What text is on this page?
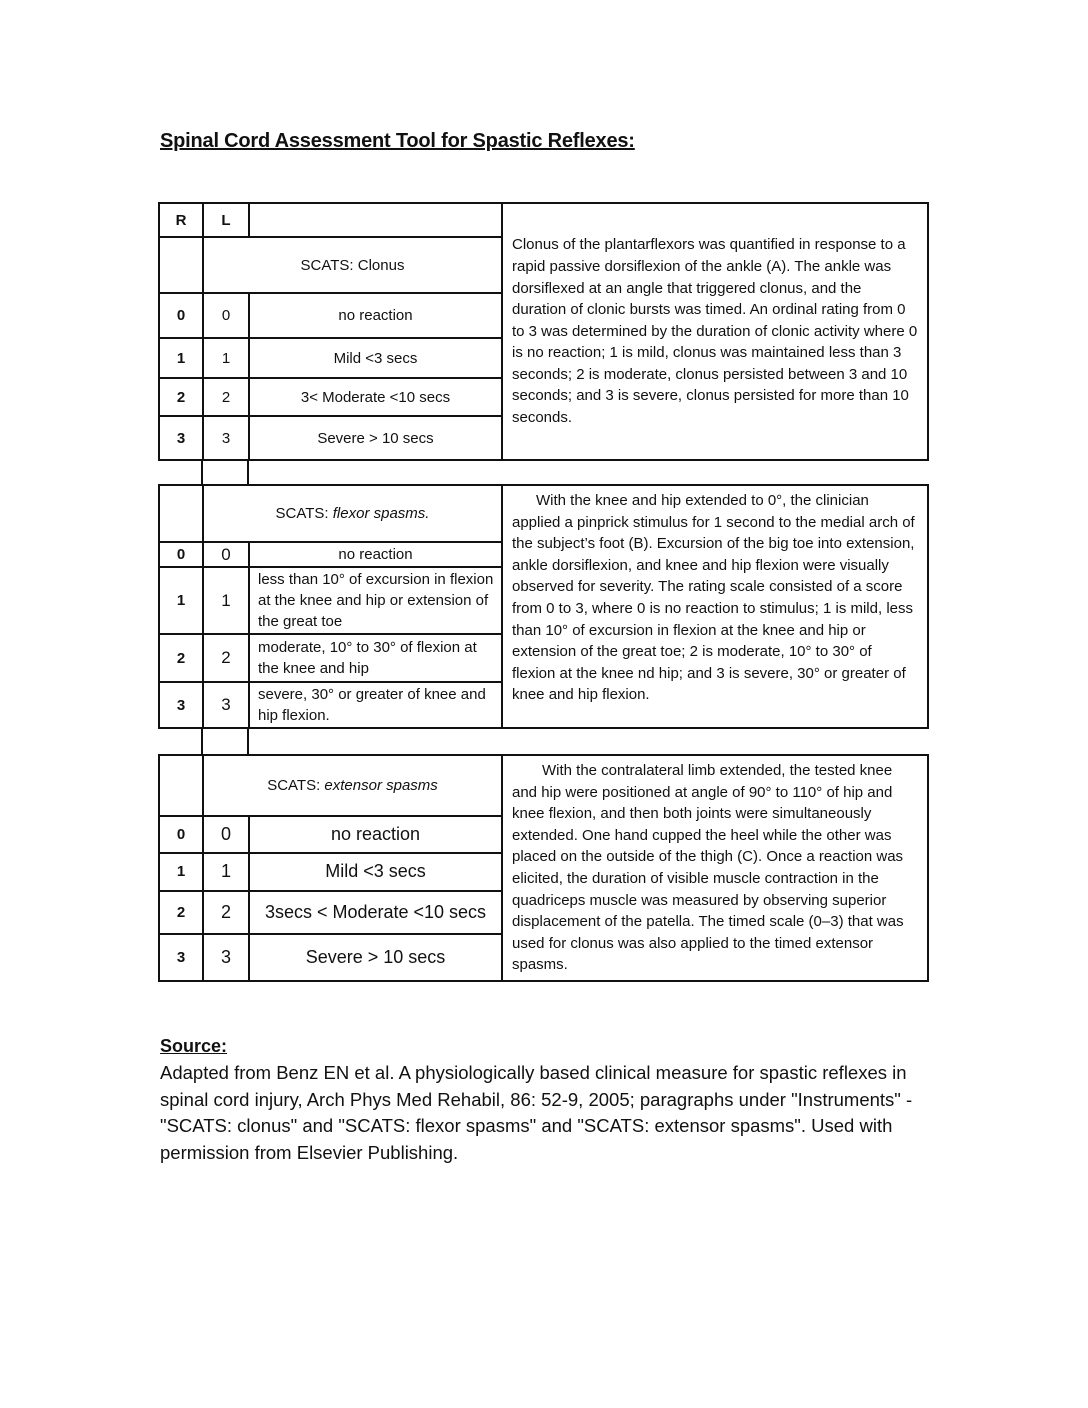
Spinal Cord Assessment Tool for Spastic Reflexes:
R	L		Clonus of the plantarflexors was quantified in response to a rapid passive dorsiflexion of the ankle (A). The ankle was dorsiflexed at an angle that triggered clonus, and the duration of clonic bursts was timed. An ordinal rating from 0 to 3 was determined by the duration of clonic activity where 0 is no reaction; 1 is mild, clonus was maintained less than 3 seconds; 2 is moderate, clonus persisted between 3 and 10 seconds; and 3 is severe, clonus persisted for more than 10 seconds.
	SCATS: Clonus		
0	0	no reaction	
1	1	Mild <3 secs	
2	2	3< Moderate <10 secs	
3	3	Severe > 10 secs	
	SCATS: flexor spasms.		With the knee and hip extended to 0°, the clinician applied a pinprick stimulus for 1 second to the medial arch of the subject’s foot (B). Excursion of the big toe into extension, ankle dorsiflexion, and knee and hip flexion were visually observed for severity. The rating scale consisted of a score from 0 to 3, where 0 is no reaction to stimulus; 1 is mild, less than 10° of excursion in flexion at the knee and hip or extension of the great toe; 2 is moderate, 10° to 30° of flexion at the knee nd hip; and 3 is severe, 30° or greater of knee and hip flexion.
0	0	no reaction	
1	1	less than 10° of excursion in flexion at the knee and hip or extension of the great toe	
2	2	moderate, 10° to 30° of flexion at the knee and hip	
3	3	severe, 30° or greater of knee and hip flexion.	
	SCATS: extensor spasms		With the contralateral limb extended, the tested knee and hip were positioned at angle of 90° to 110° of hip and knee flexion, and then both joints were simultaneously extended. One hand cupped the heel while the other was placed on the outside of the thigh (C). Once a reaction was elicited, the duration of visible muscle contraction in the quadriceps muscle was measured by observing superior displacement of the patella. The timed scale (0–3) that was used for clonus was also applied to the timed extensor spasms.
0	0	no reaction	
1	1	Mild <3 secs	
2	2	3secs < Moderate <10 secs	
3	3	Severe > 10 secs	
Source:

Adapted from Benz EN et al. A physiologically based clinical measure for spastic reflexes in spinal cord injury, Arch Phys Med Rehabil, 86: 52-9, 2005; paragraphs under "Instruments" - "SCATS: clonus" and "SCATS: flexor spasms" and "SCATS: extensor spasms". Used with permission from Elsevier Publishing.
